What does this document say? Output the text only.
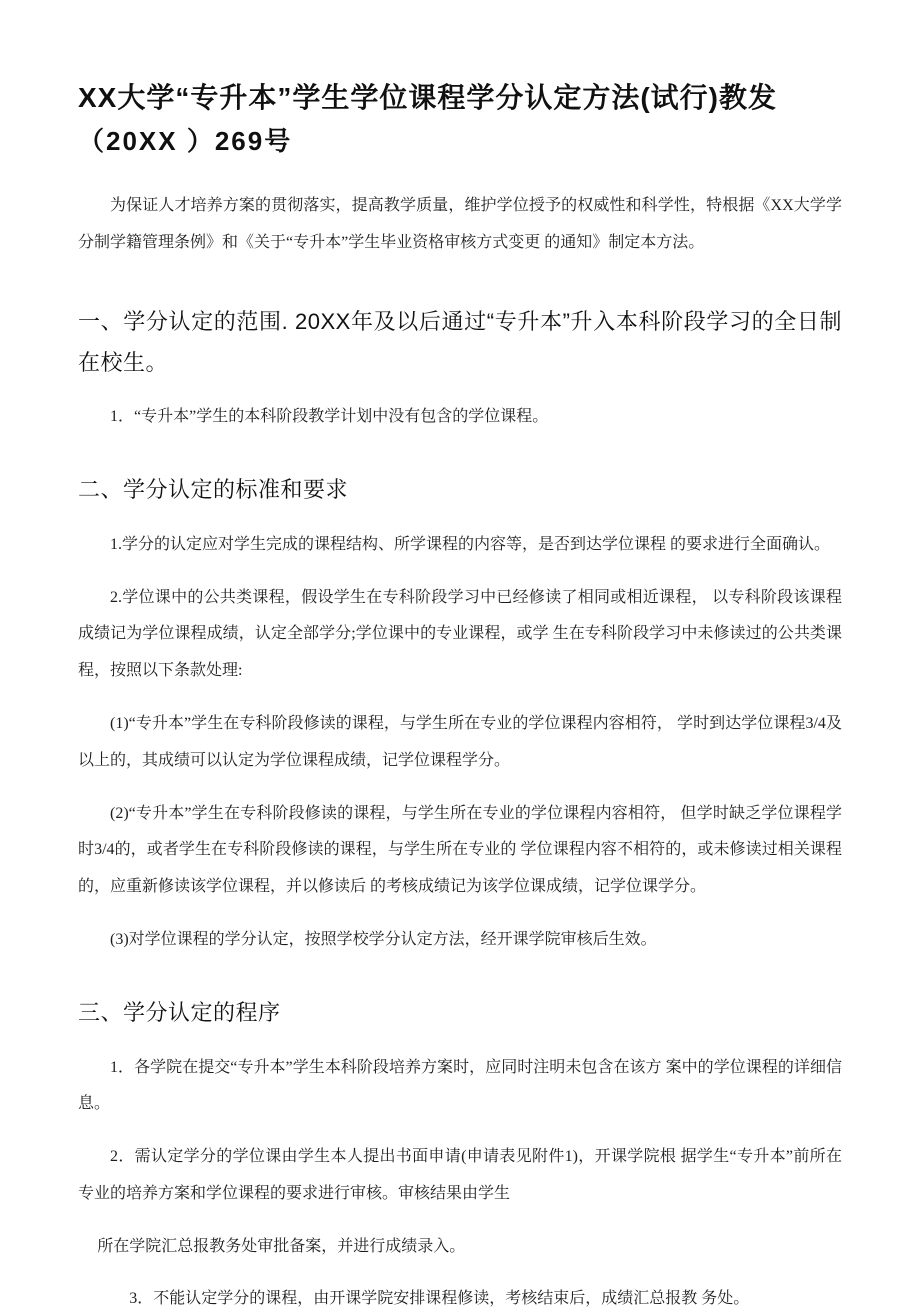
XX大学“专升本”学生学位课程学分认定方法(试行)教发
（20XX ）269号

为保证人才培养方案的贯彻落实，提高教学质量，维护学位授予的权威性和科学性，特根据《XX大学学分制学籍管理条例》和《关于“专升本”学生毕业资格审核方式变更 的通知》制定本方法。

一、学分认定的范围. 20XX年及以后通过“专升本”升入本科阶段学习的全日制在校生。

1．“专升本”学生的本科阶段教学计划中没有包含的学位课程。

二、学分认定的标准和要求

1.学分的认定应对学生完成的课程结构、所学课程的内容等，是否到达学位课程 的要求进行全面确认。

2.学位课中的公共类课程，假设学生在专科阶段学习中已经修读了相同或相近课程， 以专科阶段该课程成绩记为学位课程成绩，认定全部学分;学位课中的专业课程，或学 生在专科阶段学习中未修读过的公共类课程，按照以下条款处理:

(1)“专升本”学生在专科阶段修读的课程，与学生所在专业的学位课程内容相符， 学时到达学位课程3/4及以上的，其成绩可以认定为学位课程成绩，记学位课程学分。

(2)“专升本”学生在专科阶段修读的课程，与学生所在专业的学位课程内容相符， 但学时缺乏学位课程学时3/4的，或者学生在专科阶段修读的课程，与学生所在专业的 学位课程内容不相符的，或未修读过相关课程的，应重新修读该学位课程，并以修读后 的考核成绩记为该学位课成绩，记学位课学分。

(3)对学位课程的学分认定，按照学校学分认定方法，经开课学院审核后生效。

三、学分认定的程序

1．各学院在提交“专升本”学生本科阶段培养方案时，应同时注明未包含在该方 案中的学位课程的详细信息。

2．需认定学分的学位课由学生本人提出书面申请(申请表见附件1)，开课学院根 据学生“专升本”前所在专业的培养方案和学位课程的要求进行审核。审核结果由学生

所在学院汇总报教务处审批备案，并进行成绩录入。

3．不能认定学分的课程，由开课学院安排课程修读，考核结束后，成绩汇总报教 务处。
